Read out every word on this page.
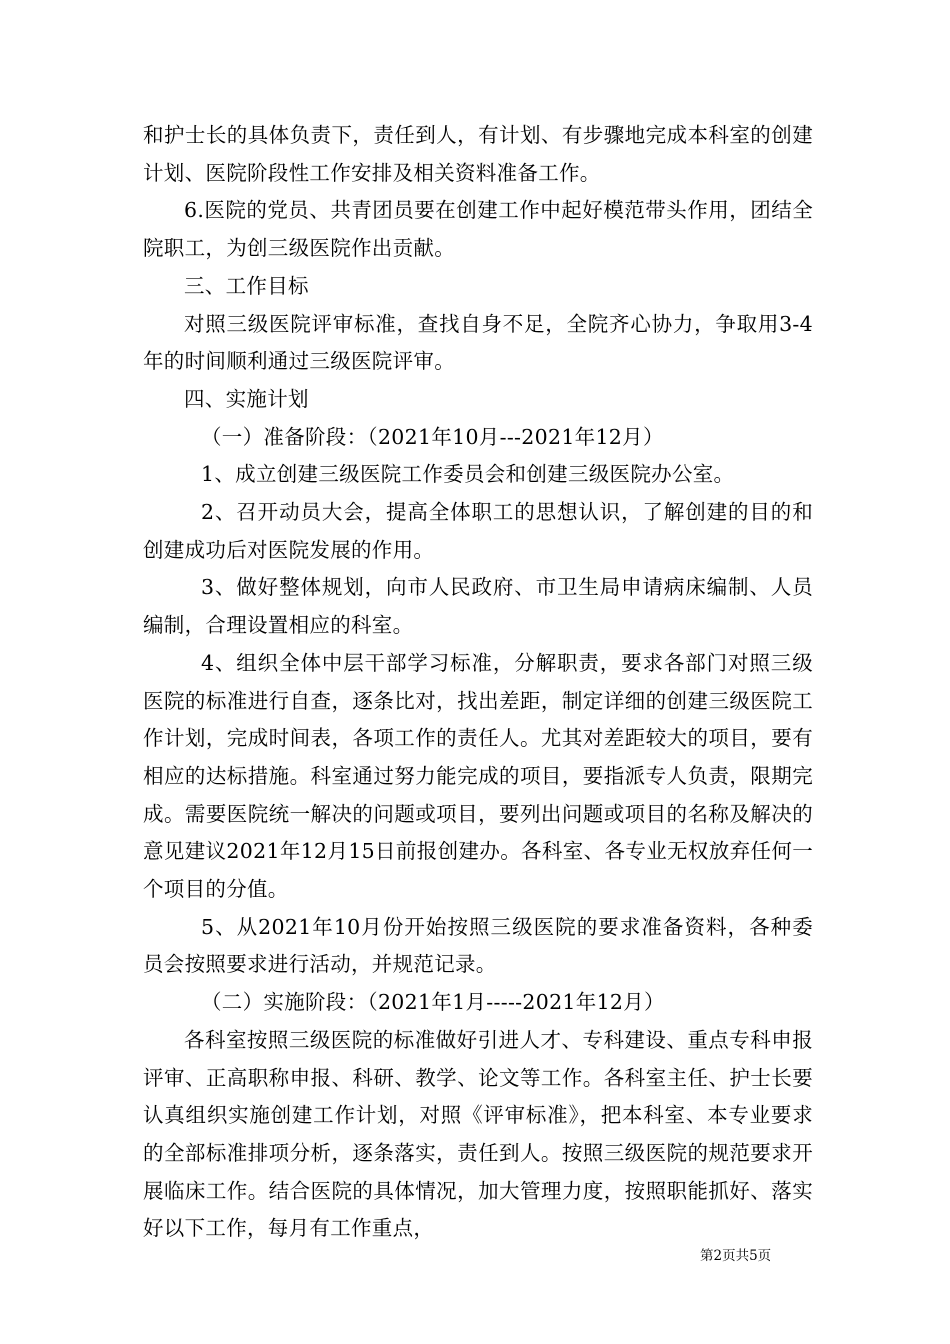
和护士长的具体负责下，责任到人，有计划、有步骤地完成本科室的创建计划、医院阶段性工作安排及相关资料准备工作。

6.医院的党员、共青团员要在创建工作中起好模范带头作用，团结全院职工，为创三级医院作出贡献。

三、工作目标

对照三级医院评审标准，查找自身不足，全院齐心协力，争取用3-4年的时间顺利通过三级医院评审。

四、实施计划

（一）准备阶段：（2021年10月---2021年12月）

1、成立创建三级医院工作委员会和创建三级医院办公室。

2、召开动员大会，提高全体职工的思想认识，了解创建的目的和创建成功后对医院发展的作用。

3、做好整体规划，向市人民政府、市卫生局申请病床编制、人员编制，合理设置相应的科室。

4、组织全体中层干部学习标准，分解职责，要求各部门对照三级医院的标准进行自查，逐条比对，找出差距，制定详细的创建三级医院工作计划，完成时间表，各项工作的责任人。尤其对差距较大的项目，要有相应的达标措施。科室通过努力能完成的项目，要指派专人负责，限期完成。需要医院统一解决的问题或项目，要列出问题或项目的名称及解决的意见建议2021年12月15日前报创建办。各科室、各专业无权放弃任何一个项目的分值。

5、从2021年10月份开始按照三级医院的要求准备资料，各种委员会按照要求进行活动，并规范记录。

（二）实施阶段：（2021年1月-----2021年12月）

各科室按照三级医院的标准做好引进人才、专科建设、重点专科申报评审、正高职称申报、科研、教学、论文等工作。各科室主任、护士长要认真组织实施创建工作计划，对照《评审标准》，把本科室、本专业要求的全部标准排项分析，逐条落实，责任到人。按照三级医院的规范要求开展临床工作。结合医院的具体情况，加大管理力度，按照职能抓好、落实好以下工作，每月有工作重点，

第2页共5页
